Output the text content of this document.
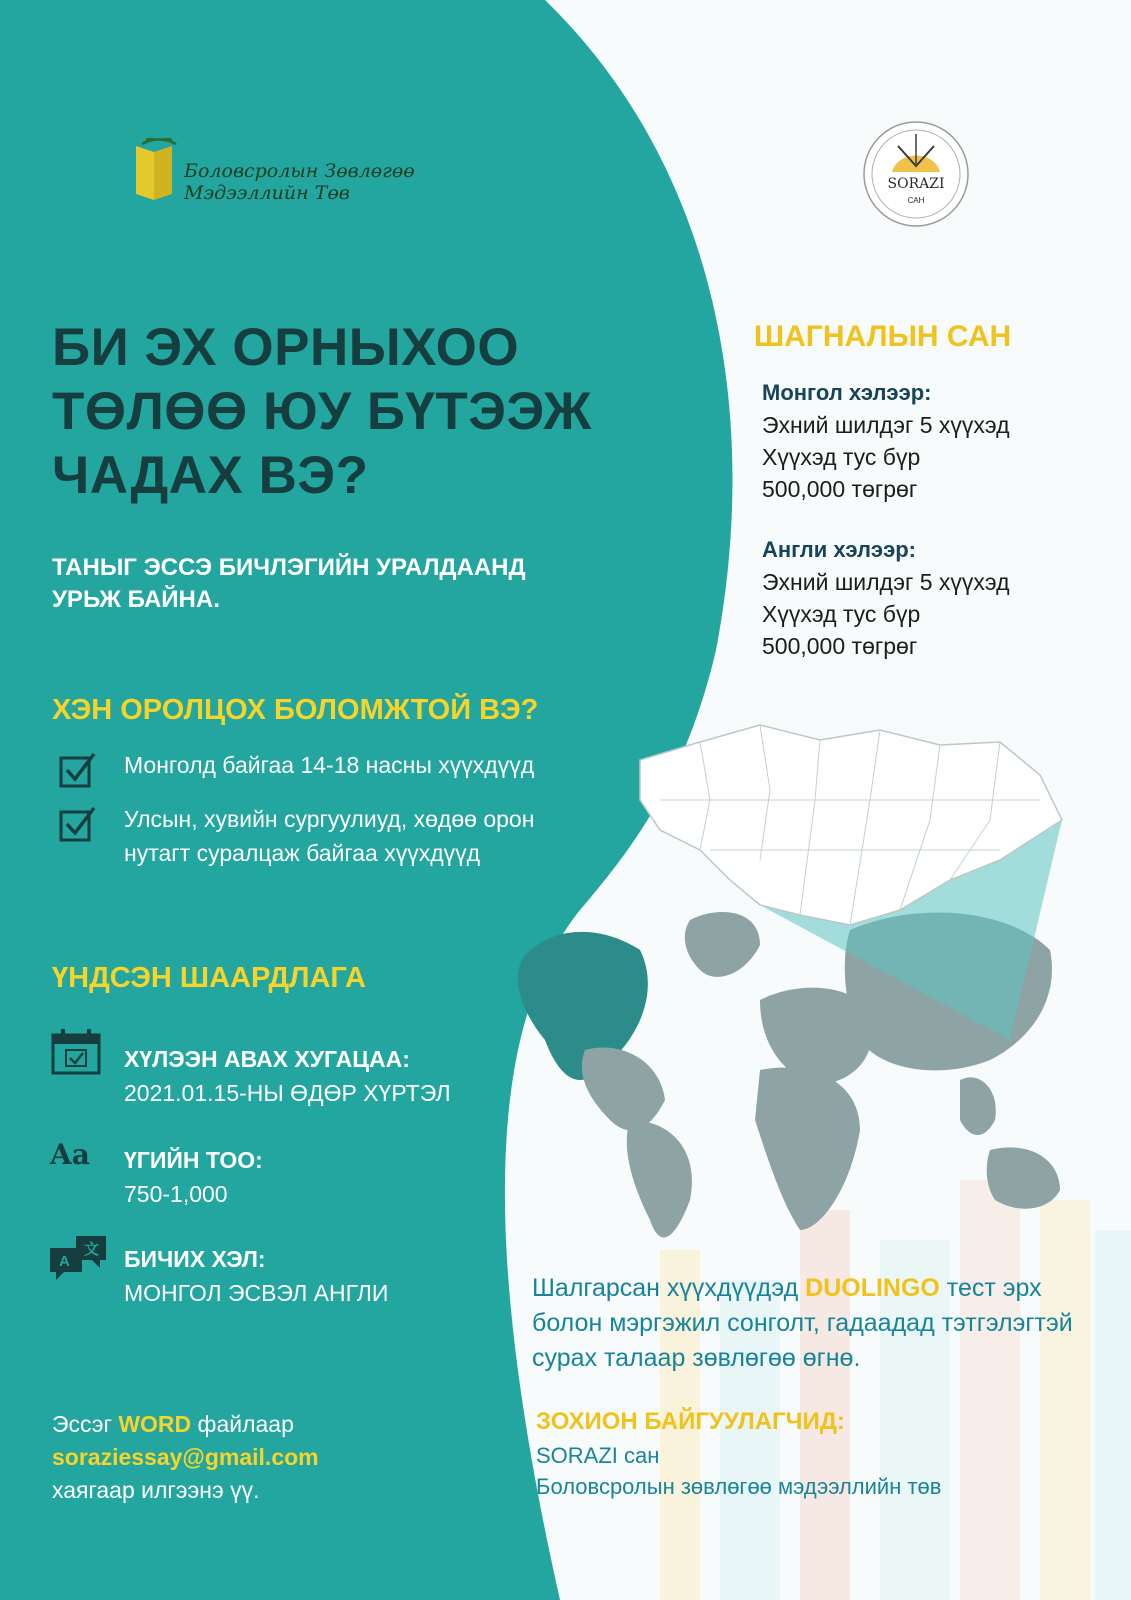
Боловсролын Зөвлөгөө
Мэдээллийн Төв	SORAZI
САН
БИ ЭХ ОРНЫХОО
ТӨЛӨӨ ЮУ БҮТЭЭЖ
ЧАДАХ ВЭ?
ТАНЫГ ЭССЭ БИЧЛЭГИЙН УРАЛДААНД
УРЬЖ БАЙНА.
ХЭН ОРОЛЦОХ БОЛОМЖТОЙ ВЭ?
Монголд байгаа 14-18 насны хүүхдүүд
Улсын, хувийн сургуулиуд, хөдөө орон
нутагт суралцаж байгаа хүүхдүүд
ҮНДСЭН ШААРДЛАГА
ХҮЛЭЭН АВАХ ХУГАЦАА:
2021.01.15-НЫ ӨДӨР ХҮРТЭЛ
Aa ҮГИЙН ТОО:
750-1,000
A
文 БИЧИХ ХЭЛ:
МОНГОЛ ЭСВЭЛ АНГЛИ
Эссэг WORD файлаар
soraziessay@gmail.com
хаягаар илгээнэ үү.
ШАГНАЛЫН САН
Монгол хэлээр:
Эхний шилдэг 5 хүүхэд
Хүүхэд тус бүр
500,000 төгрөг
Англи хэлээр:
Эхний шилдэг 5 хүүхэд
Хүүхэд тус бүр
500,000 төгрөг
Шалгарсан хүүхдүүдэд DUOLINGO тест эрх болон мэргэжил сонголт, гадаадад тэтгэлэгтэй сурах талаар зөвлөгөө өгнө.
ЗОХИОН БАЙГУУЛАГЧИД:
SORAZI сан
Боловсролын зөвлөгөө мэдээллийн төв
